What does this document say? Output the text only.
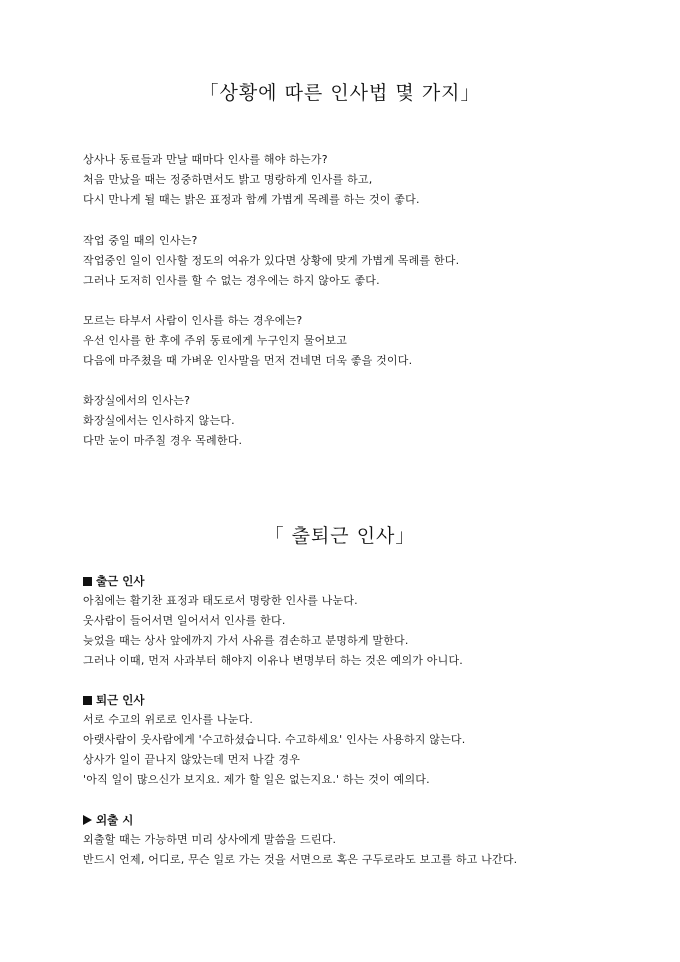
「상황에 따른 인사법 몇 가지」
상사나 동료들과 만날 때마다 인사를 해야 하는가?
처음 만났을 때는 정중하면서도 밝고 명랑하게 인사를 하고,
다시 만나게 될 때는 밝은 표정과 함께 가볍게 목례를 하는 것이 좋다.
작업 중일 때의 인사는?
작업중인 일이 인사할 정도의 여유가 있다면 상황에 맞게 가볍게 목례를 한다.
그러나 도저히 인사를 할 수 없는 경우에는 하지 않아도 좋다.
모르는 타부서 사람이 인사를 하는 경우에는?
우선 인사를 한 후에 주위 동료에게 누구인지 물어보고
다음에 마주쳤을 때 가벼운 인사말을 먼저 건네면 더욱 좋을 것이다.
화장실에서의 인사는?
화장실에서는 인사하지 않는다.
다만 눈이 마주칠 경우 목례한다.
「 출퇴근 인사」
출근 인사
아침에는 활기찬 표정과 태도로서 명랑한 인사를 나눈다.
웃사람이 들어서면 일어서서 인사를 한다.
늦었을 때는 상사 앞에까지 가서 사유를 겸손하고 분명하게 말한다.
그러나 이때, 먼저 사과부터 해야지 이유나 변명부터 하는 것은 예의가 아니다.
퇴근 인사
서로 수고의 위로로 인사를 나눈다.
아랫사람이 웃사람에게 '수고하셨습니다. 수고하세요' 인사는 사용하지 않는다.
상사가 일이 끝나지 않았는데 먼저 나갈 경우
'아직 일이 많으신가 보지요. 제가 할 일은 없는지요.' 하는 것이 예의다.
외출 시
외출할 때는 가능하면 미리 상사에게 말씀을 드린다.
반드시 언제, 어디로, 무슨 일로 가는 것을 서면으로 혹은 구두로라도 보고를 하고 나간다.
